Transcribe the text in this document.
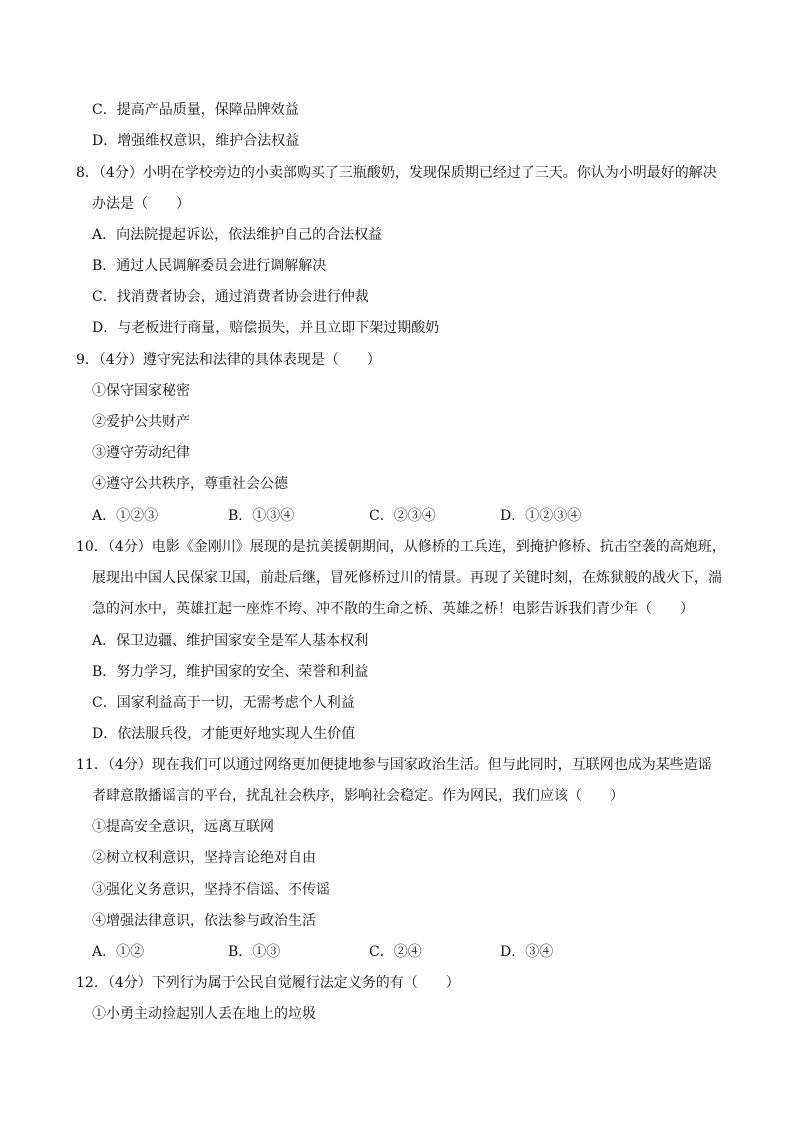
C．提高产品质量，保障品牌效益
D．增强维权意识，维护合法权益
8．（4分）小明在学校旁边的小卖部购买了三瓶酸奶，发现保质期已经过了三天。你认为小明最好的解决
办法是（　　）
A．向法院提起诉讼，依法维护自己的合法权益
B．通过人民调解委员会进行调解解决
C．找消费者协会，通过消费者协会进行仲裁
D．与老板进行商量，赔偿损失，并且立即下架过期酸奶
9．（4分）遵守宪法和法律的具体表现是（　　）
①保守国家秘密
②爱护公共财产
③遵守劳动纪律
④遵守公共秩序，尊重社会公德
A．①②③	B．①③④	C．②③④	D．①②③④
10．（4分）电影《金刚川》展现的是抗美援朝期间，从修桥的工兵连，到掩护修桥、抗击空袭的高炮班，
展现出中国人民保家卫国，前赴后继，冒死修桥过川的情景。再现了关键时刻，在炼狱般的战火下，湍
急的河水中，英雄扛起一座炸不垮、冲不散的生命之桥、英雄之桥！电影告诉我们青少年（　　）
A．保卫边疆、维护国家安全是军人基本权利
B．努力学习，维护国家的安全、荣誉和利益
C．国家利益高于一切，无需考虑个人利益
D．依法服兵役，才能更好地实现人生价值
11．（4分）现在我们可以通过网络更加便捷地参与国家政治生活。但与此同时，互联网也成为某些造谣
者肆意散播谣言的平台，扰乱社会秩序，影响社会稳定。作为网民，我们应该（　　）
①提高安全意识，远离互联网
②树立权利意识，坚持言论绝对自由
③强化义务意识，坚持不信谣、不传谣
④增强法律意识，依法参与政治生活
A．①②	B．①③	C．②④	D．③④
12．（4分）下列行为属于公民自觉履行法定义务的有（　　）
①小勇主动捡起别人丢在地上的垃圾
